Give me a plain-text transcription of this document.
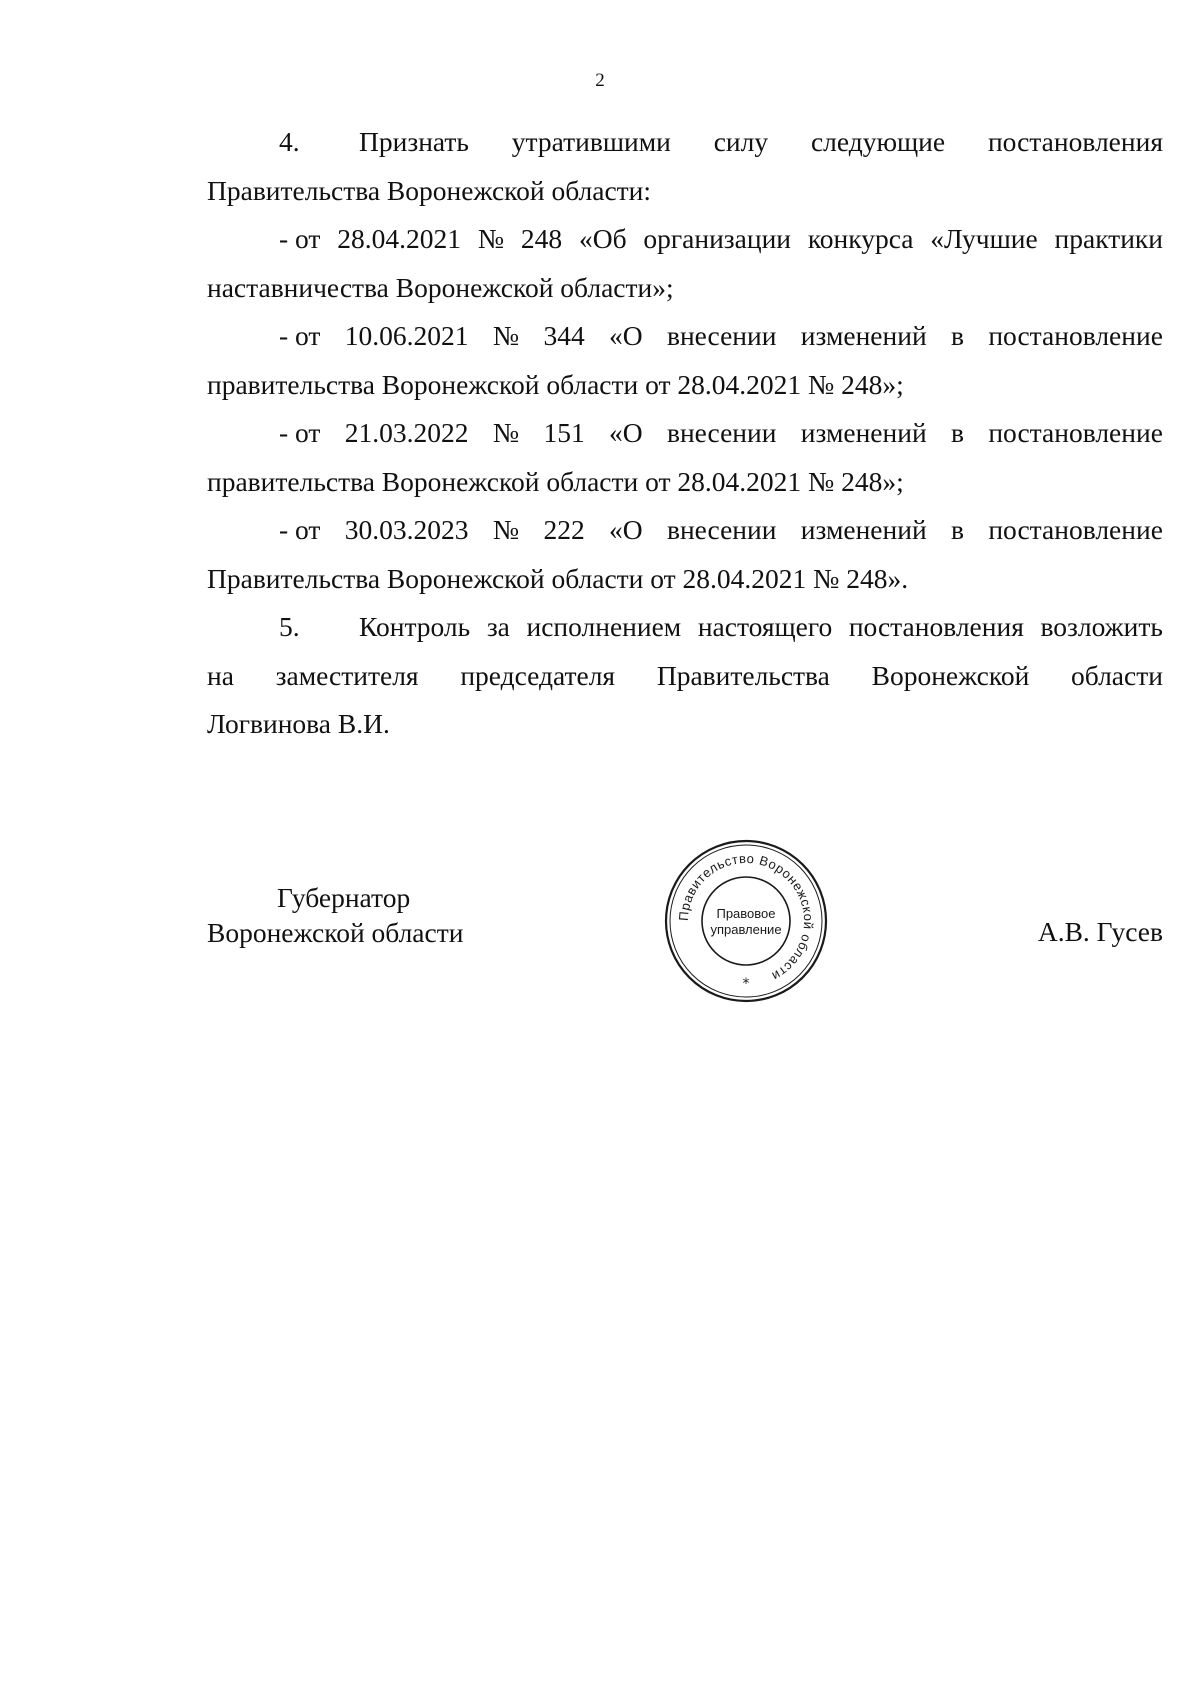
2
4. Признать утратившими силу следующие постановления

Правительства Воронежской области:

- от 28.04.2021 № 248 «Об организации конкурса «Лучшие практики

наставничества Воронежской области»;

- от 10.06.2021 № 344 «О внесении изменений в постановление

правительства Воронежской области от 28.04.2021 № 248»;

- от 21.03.2022 № 151 «О внесении изменений в постановление

правительства Воронежской области от 28.04.2021 № 248»;

- от 30.03.2023 № 222 «О внесении изменений в постановление

Правительства Воронежской области от 28.04.2021 № 248».

5. Контроль за исполнением настоящего постановления возложить
на заместителя председателя Правительства Воронежской области

Логвинова В.И.

Губернатор
Воронежской области	А.В. Гусев
Правительство Воронежской области
Правовое
управление
*
